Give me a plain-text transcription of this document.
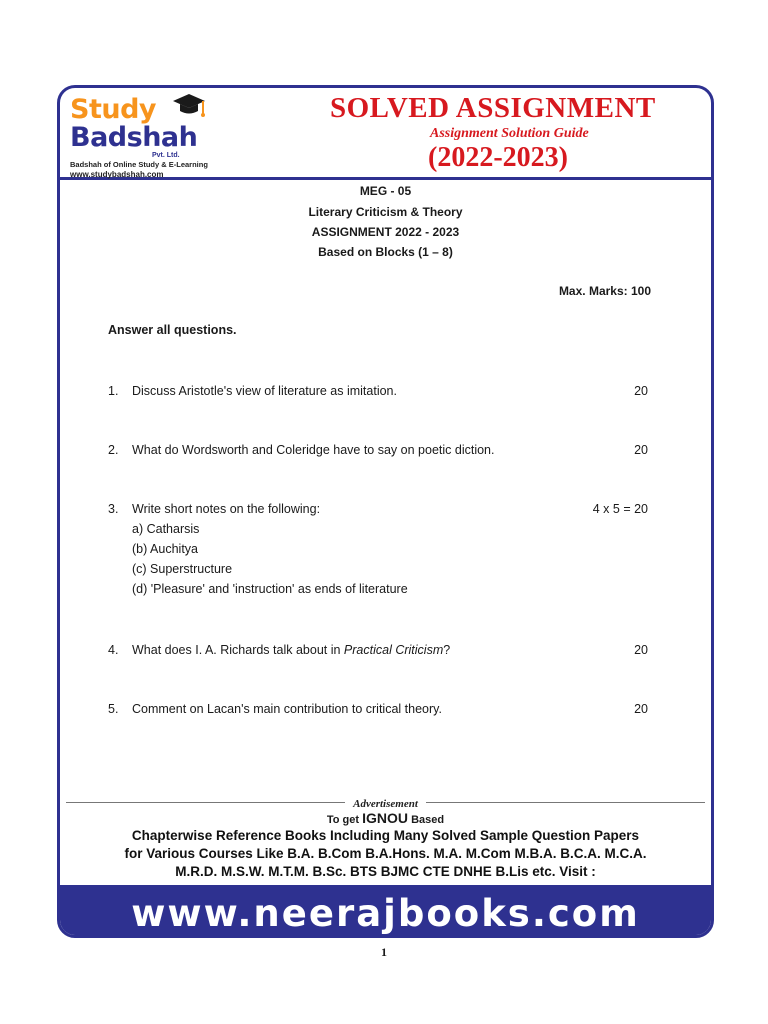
Study
Badshah
Pvt. Ltd.
Badshah of Online Study & E-Learning
www.studybadshah.com
SOLVED ASSIGNMENT
Assignment Solution Guide
(2022-2023)
MEG - 05
Literary Criticism & Theory
ASSIGNMENT 2022 - 2023
Based on Blocks (1 – 8)
Max. Marks: 100
Answer all questions.
1. Discuss Aristotle's view of literature as imitation.	20
2. What do Wordsworth and Coleridge have to say on poetic diction.	20
3. Write short notes on the following:	4 x 5 = 20
a) Catharsis
(b) Auchitya
(c) Superstructure
(d) 'Pleasure' and 'instruction' as ends of literature
4. What does I. A. Richards talk about in Practical Criticism?	20
5. Comment on Lacan's main contribution to critical theory.	20
Advertisement
To get IGNOU Based
Chapterwise Reference Books Including Many Solved Sample Question Papers
for Various Courses Like B.A. B.Com B.A.Hons. M.A. M.Com M.B.A. B.C.A. M.C.A.
M.R.D. M.S.W. M.T.M. B.Sc. BTS BJMC CTE DNHE B.Lis etc. Visit :
www.neerajbooks.com
1
